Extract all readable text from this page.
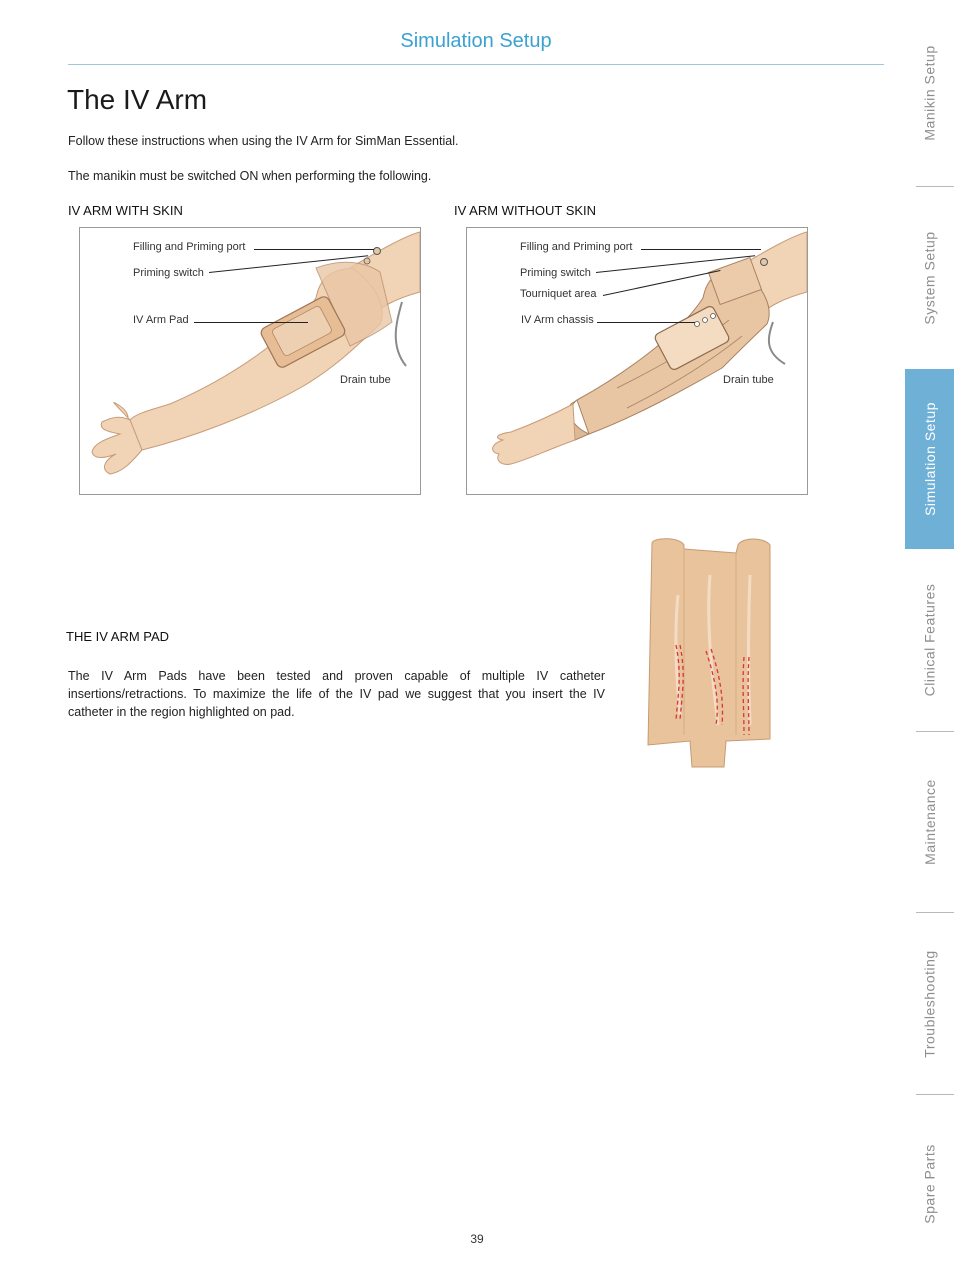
Simulation Setup
The IV Arm
Follow these instructions when using the IV Arm for SimMan Essential.
The manikin must be switched ON when performing the following.
IV ARM WITH SKIN	IV ARM WITHOUT SKIN
Filling and Priming port
Priming switch
IV Arm Pad
Drain tube
Filling and Priming port
Priming switch
Tourniquet area
IV Arm chassis
Drain tube
THE IV ARM PAD

The IV Arm Pads have been tested and proven capable of multiple IV catheter insertions/retractions. To maximize the life of the IV pad we suggest that you insert the IV catheter in the region highlighted on pad.

Manikin Setup
System Setup
Simulation Setup
Clinical Features
Maintenance
Troubleshooting
Spare Parts
39
